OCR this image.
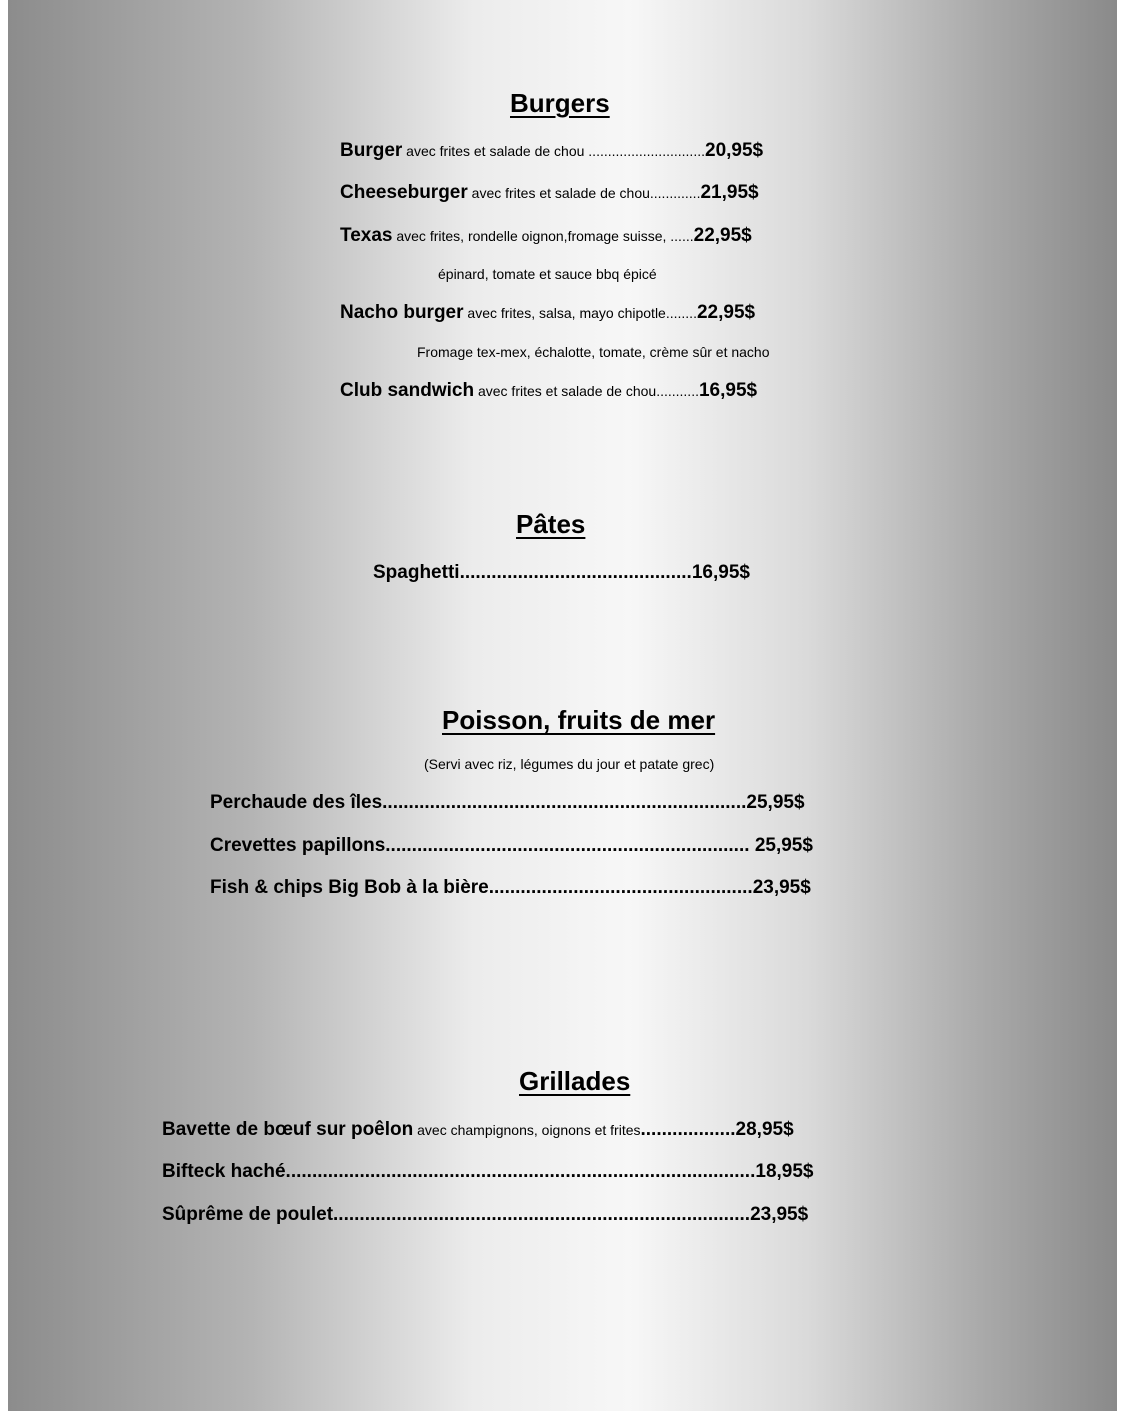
Burgers
Burger avec frites et salade de chou ..............................20,95$
Cheeseburger avec frites et salade de chou.............21,95$
Texas avec frites, rondelle oignon,fromage suisse, ......22,95$
épinard, tomate et sauce bbq épicé
Nacho burger avec frites, salsa, mayo chipotle........22,95$
Fromage tex-mex, échalotte, tomate, crème sûr et nacho
Club sandwich avec frites et salade de chou...........16,95$
Pâtes
Spaghetti............................................16,95$
Poisson, fruits de mer
(Servi avec riz, légumes du jour et patate grec)
Perchaude des îles.....................................................................25,95$
Crevettes papillons..................................................................... 25,95$
Fish & chips Big Bob à la bière..................................................23,95$
Grillades
Bavette de bœuf sur poêlon avec champignons, oignons et frites..................28,95$
Bifteck haché.........................................................................................18,95$
Sûprême de poulet...............................................................................23,95$
